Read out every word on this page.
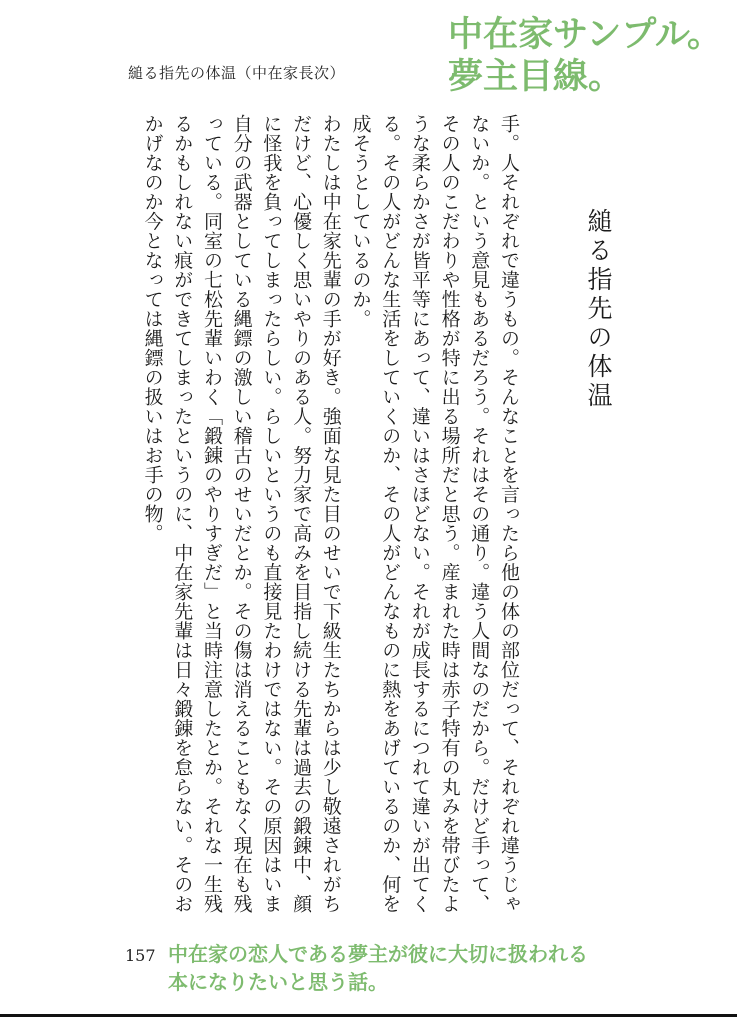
縋る指先の体温（中在家長次）
中在家サンプル。
夢主目線。
縋る指先の体温

手。人それぞれで違うもの。そんなことを言ったら他の体の部位だって、それぞれ違うじゃないか。という意見もあるだろう。それはその通り。違う人間なのだから。だけど手って、その人のこだわりや性格が特に出る場所だと思う。産まれた時は赤子特有の丸みを帯びたような柔らかさが皆平等にあって、違いはさほどない。それが成長するにつれて違いが出てくる。その人がどんな生活をしていくのか、その人がどんなものに熱をあげているのか、何を成そうとしているのか。

わたしは中在家先輩の手が好き。強面な見た目のせいで下級生たちからは少し敬遠されがちだけど、心優しく思いやりのある人。努力家で高みを目指し続ける先輩は過去の鍛錬中、顔に怪我を負ってしまったらしい。らしいというのも直接見たわけではない。その原因はいま自分の武器としている縄鏢の激しい稽古のせいだとか。その傷は消えることもなく現在も残っている。同室の七松先輩いわく「鍛錬のやりすぎだ」と当時注意したとか。それな一生残るかもしれない痕ができてしまったというのに、中在家先輩は日々鍛錬を怠らない。そのおかげなのか今となっては縄鏢の扱いはお手の物。

157 中在家の恋人である夢主が彼に大切に扱われる
本になりたいと思う話。
